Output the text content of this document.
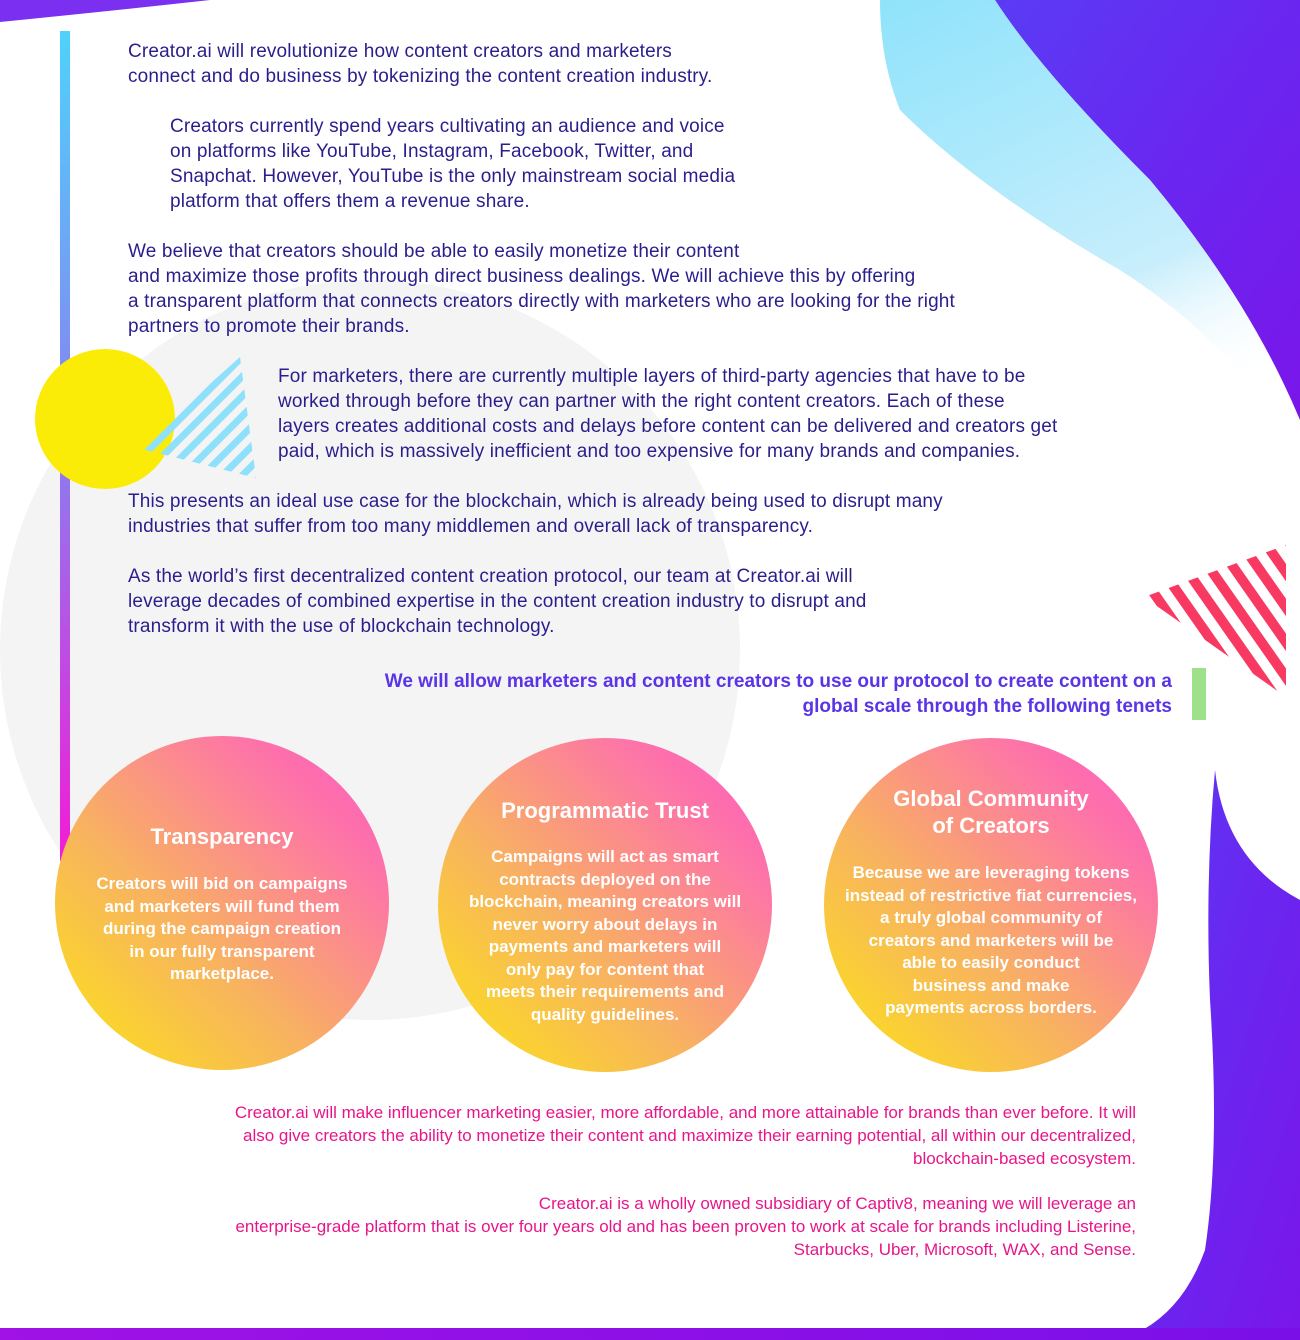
Creator.ai will revolutionize how content creators and marketers
connect and do business by tokenizing the content creation industry.

Creators currently spend years cultivating an audience and voice
on platforms like YouTube, Instagram, Facebook, Twitter, and
Snapchat. However, YouTube is the only mainstream social media
platform that offers them a revenue share.

We believe that creators should be able to easily monetize their content
and maximize those profits through direct business dealings. We will achieve this by offering
a transparent platform that connects creators directly with marketers who are looking for the right
partners to promote their brands.

For marketers, there are currently multiple layers of third-party agencies that have to be
worked through before they can partner with the right content creators. Each of these
layers creates additional costs and delays before content can be delivered and creators get
paid, which is massively inefficient and too expensive for many brands and companies.

This presents an ideal use case for the blockchain, which is already being used to disrupt many
industries that suffer from too many middlemen and overall lack of transparency.

As the world’s first decentralized content creation protocol, our team at Creator.ai will
leverage decades of combined expertise in the content creation industry to disrupt and
transform it with the use of blockchain technology.

We will allow marketers and content creators to use our protocol to create content on a
global scale through the following tenets

Transparency
Creators will bid on campaigns
and marketers will fund them
during the campaign creation
in our fully transparent
marketplace.
Programmatic Trust
Campaigns will act as smart
contracts deployed on the
blockchain, meaning creators will
never worry about delays in
payments and marketers will
only pay for content that
meets their requirements and
quality guidelines.
Global Community
of Creators
Because we are leveraging tokens
instead of restrictive fiat currencies,
a truly global community of
creators and marketers will be
able to easily conduct
business and make
payments across borders.

Creator.ai will make influencer marketing easier, more affordable, and more attainable for brands than ever before. It will
also give creators the ability to monetize their content and maximize their earning potential, all within our decentralized,
blockchain-based ecosystem.

Creator.ai is a wholly owned subsidiary of Captiv8, meaning we will leverage an
enterprise-grade platform that is over four years old and has been proven to work at scale for brands including Listerine,
Starbucks, Uber, Microsoft, WAX, and Sense.
